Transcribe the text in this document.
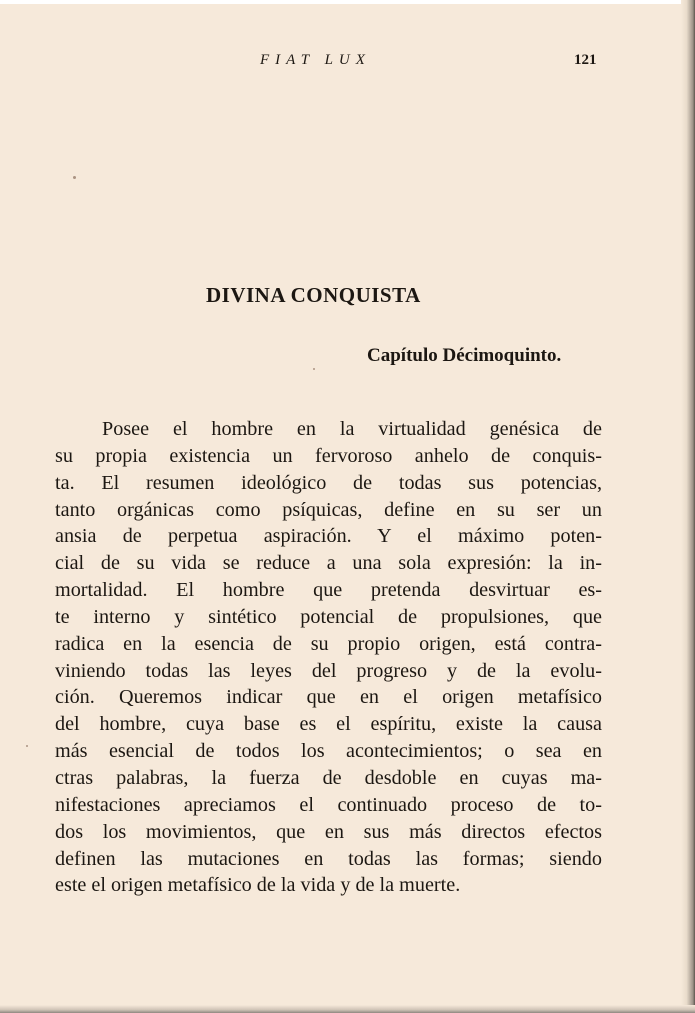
FIAT LUX	121
DIVINA CONQUISTA
Capítulo Décimoquinto.
Posee el hombre en la virtualidad genésica de
su propia existencia un fervoroso anhelo de conquis-
ta. El resumen ideológico de todas sus potencias,
tanto orgánicas como psíquicas, define en su ser un
ansia de perpetua aspiración. Y el máximo poten-
cial de su vida se reduce a una sola expresión: la in-
mortalidad. El hombre que pretenda desvirtuar es-
te interno y sintético potencial de propulsiones, que
radica en la esencia de su propio origen, está contra-
viniendo todas las leyes del progreso y de la evolu-
ción. Queremos indicar que en el origen metafísico
del hombre, cuya base es el espíritu, existe la causa
más esencial de todos los acontecimientos; o sea en
ctras palabras, la fuerza de desdoble en cuyas ma-
nifestaciones apreciamos el continuado proceso de to-
dos los movimientos, que en sus más directos efectos
definen las mutaciones en todas las formas; siendo
este el origen metafísico de la vida y de la muerte.
